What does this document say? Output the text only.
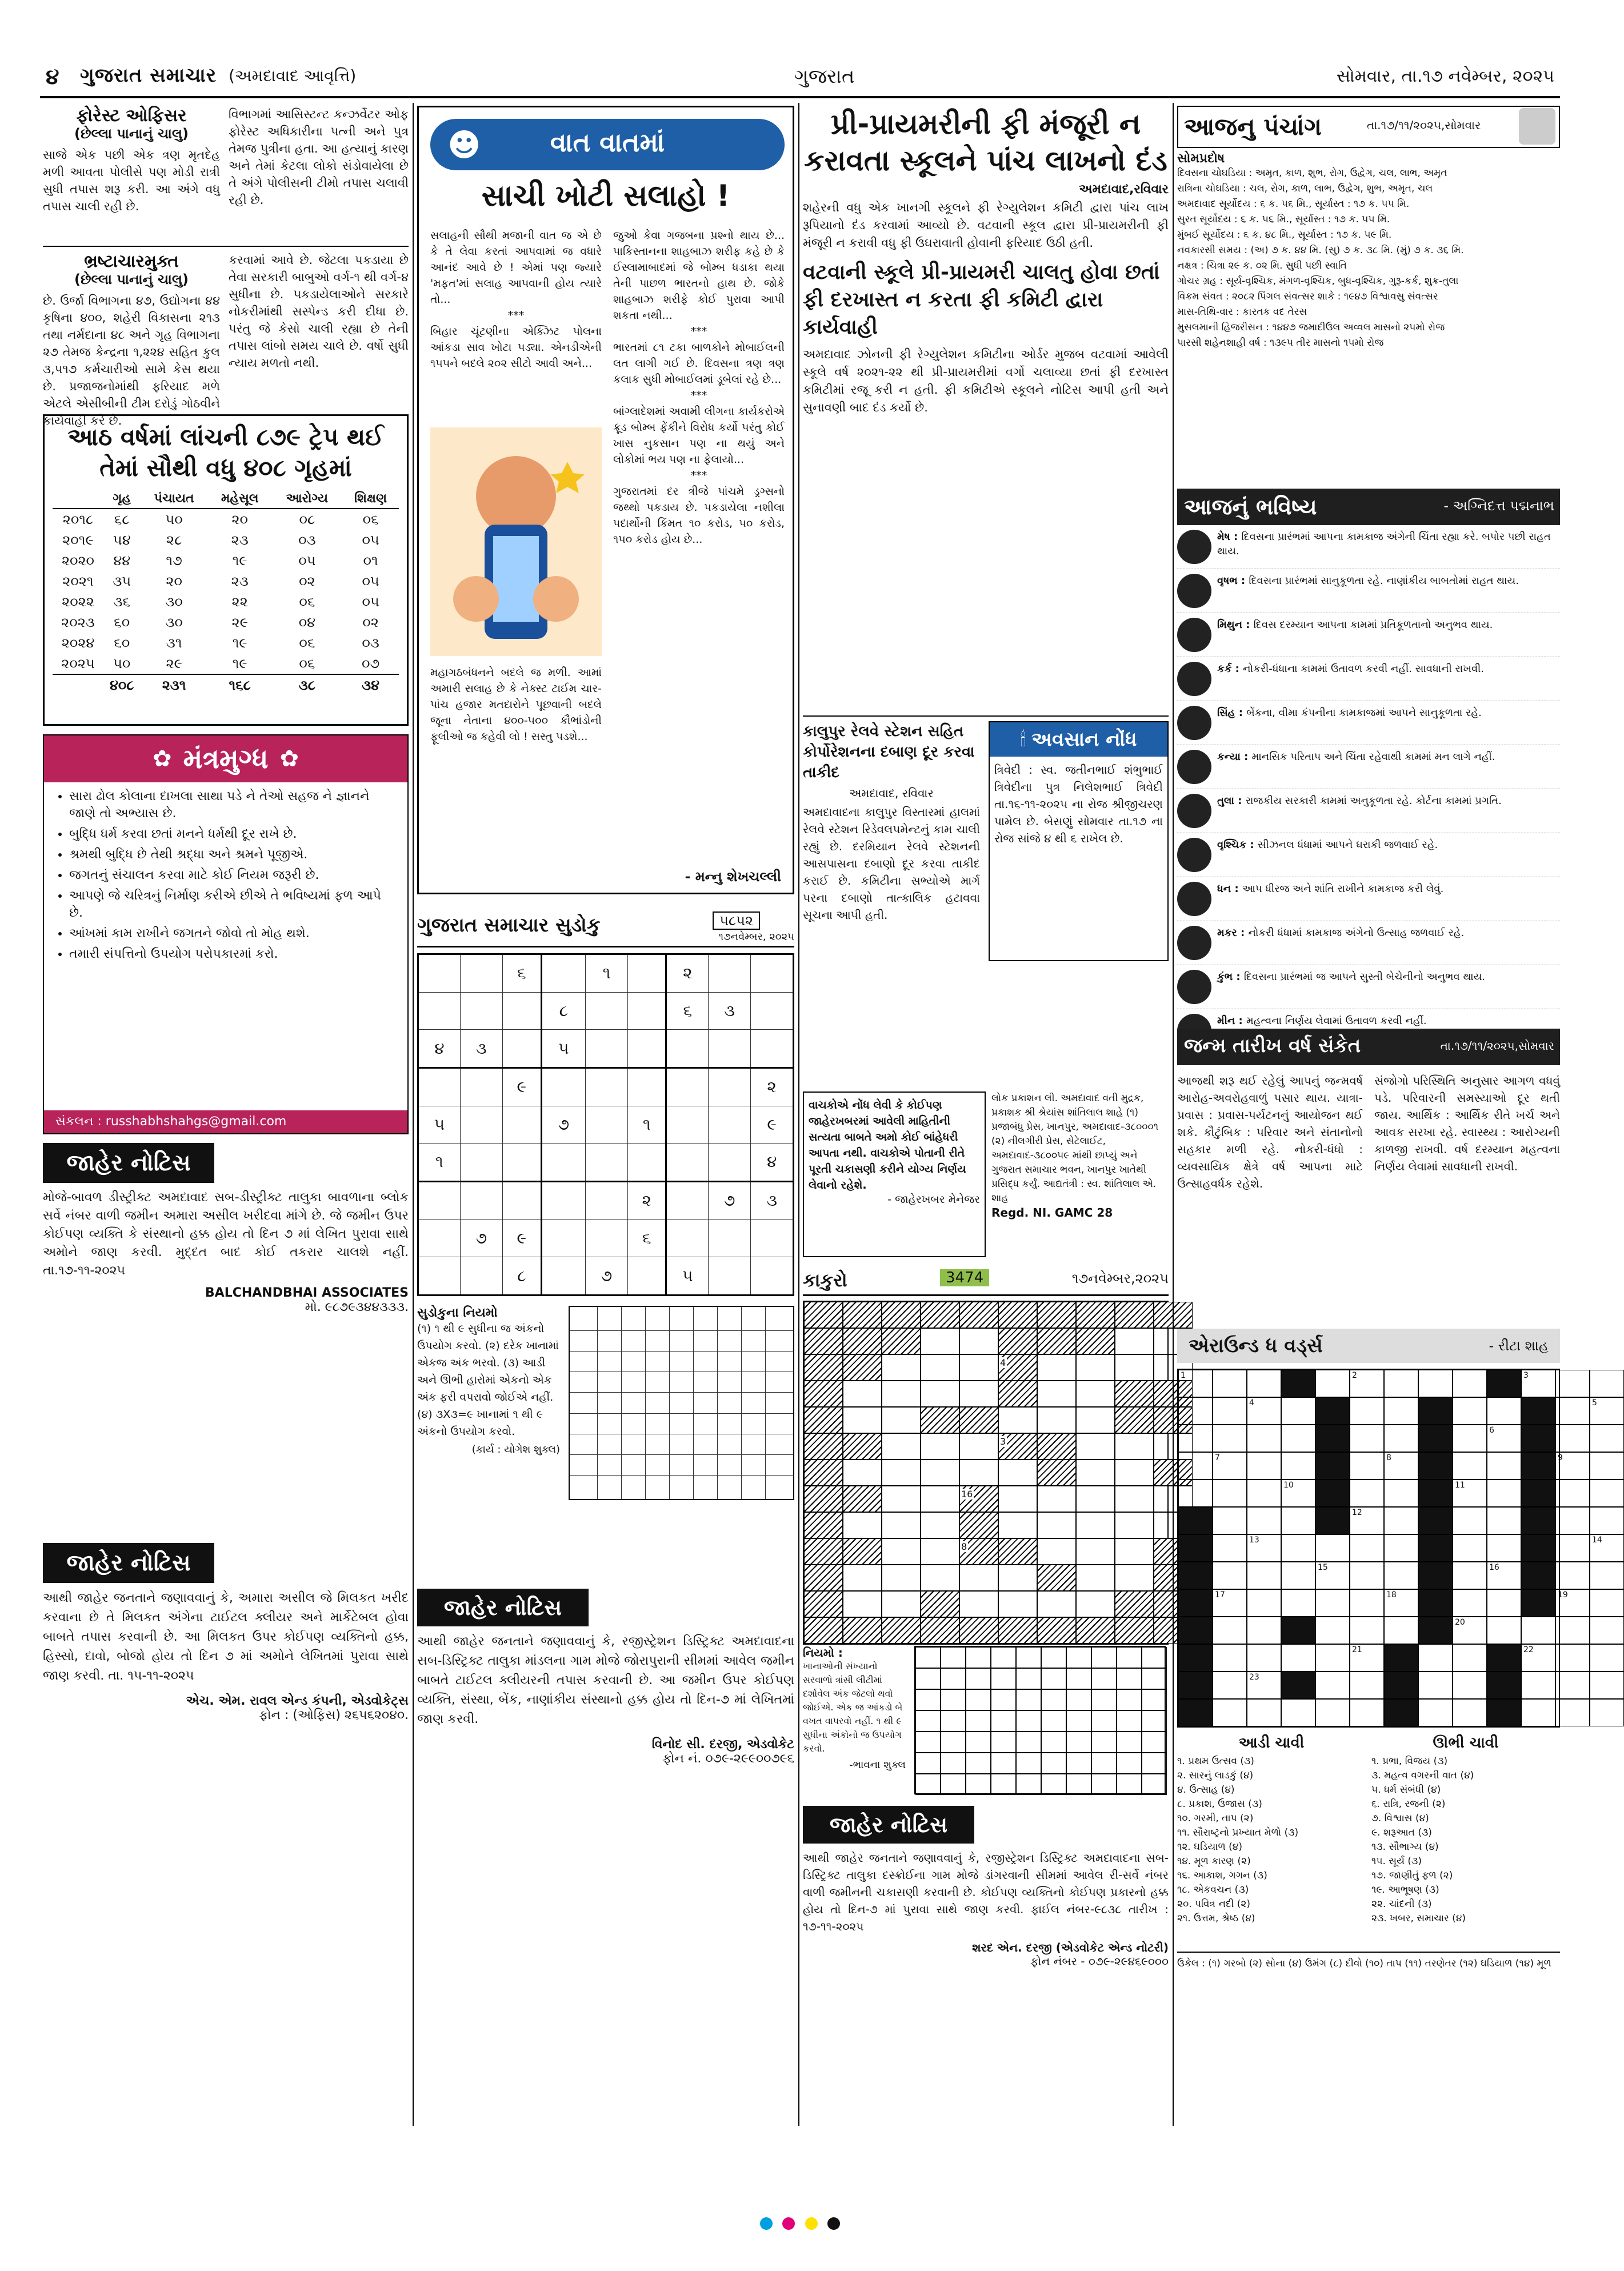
૪ ગુજરાત સમાચાર (અમદાવાદ આવૃત્તિ)	ગુજરાત	સોમવાર, તા.૧૭ નવેમ્બર, ૨૦૨૫
ફોરેસ્ટ ઓફિસર
(છેલ્લા પાનાનું ચાલુ)
સાજે એક પછી એક ત્રણ મૃતદેહ મળી આવતા પોલીસે પણ મોડી રાત્રી સુધી તપાસ શરૂ કરી. આ અંગે વધુ તપાસ ચાલી રહી છે.
વિભાગમાં આસિસ્ટન્ટ કન્ઝર્વેટર ઓફ ફોરેસ્ટ અધિકારીના પત્ની અને પુત્ર તેમજ પુત્રીના હતા. આ હત્યાનું કારણ અને તેમાં કેટલા લોકો સંડોવાયેલા છે તે અંગે પોલીસની ટીમો તપાસ ચલાવી રહી છે.
ભ્રષ્ટાચારમુક્ત
(છેલ્લા પાનાનું ચાલુ)
છે. ઉર્જા વિભાગના ૪૭, ઉદ્યોગના ૪૪ કૃષિના ૪૦૦, શહેરી વિકાસના ૨૧૩ તથા નર્મદાના ૪૮ અને ગૃહ વિભાગના ૨૭ તેમજ કેન્દ્રના ૧,૨૨૪ સહિત કુલ ૩,૫૧૭ કર્મચારીઓ સામે કેસ થયા છે. પ્રજાજનોમાંથી ફરિયાદ મળે એટલે એસીબીની ટીમ દરોડું ગોઠવીને કાર્યવાહી કરે છે.
કરવામાં આવે છે. જેટલા પકડાયા છે તેવા સરકારી બાબુઓ વર્ગ-૧ થી વર્ગ-૪ સુધીના છે. પકડાયેલાઓને સરકારે નોકરીમાંથી સસ્પેન્ડ કરી દીધા છે. પરંતુ જે કેસો ચાલી રહ્યા છે તેની તપાસ લાંબો સમય ચાલે છે. વર્ષો સુધી ન્યાય મળતો નથી.
આઠ વર્ષમાં લાંચની ૮૭૯ ટ્રેપ થઈ તેમાં સૌથી વધુ ૪૦૮ ગૃહમાં
	ગૃહ	પંચાયત	મહેસૂલ	આરોગ્ય	શિક્ષણ
૨૦૧૮	૬૮	૫૦	૨૦	૦૮	૦૬
૨૦૧૯	૫૪	૨૮	૨૩	૦૩	૦૫
૨૦૨૦	૪૪	૧૭	૧૯	૦૫	૦૧
૨૦૨૧	૩૫	૨૦	૨૩	૦૨	૦૫
૨૦૨૨	૩૬	૩૦	૨૨	૦૬	૦૫
૨૦૨૩	૬૦	૩૦	૨૯	૦૪	૦૨
૨૦૨૪	૬૦	૩૧	૧૯	૦૬	૦૩
૨૦૨૫	૫૦	૨૯	૧૯	૦૬	૦૭
	૪૦૮	૨૩૧	૧૬૮	૩૮	૩૪
✿ મંત્રમુગ્ધ ✿
• સારા ઢોલ કોલાના દાખલા સાથા પડે ને તેઓ સહજ ને જ્ઞાનને જાણે તો અભ્યાસ છે.
• બુદ્ધિ ધર્મ કરવા છતાં મનને ધર્મથી દૂર રાખે છે.
• શ્રમથી બુદ્ધિ છે તેથી શ્રદ્ધા અને શ્રમને પૂજીએ.
• જગતનું સંચાલન કરવા માટે કોઈ નિયમ જરૂરી છે.
• આપણે જે ચરિત્રનું નિર્માણ કરીએ છીએ તે ભવિષ્યમાં ફળ આપે છે.
• આંખમાં કામ રાખીને જગતને જોવો તો મોહ થશે.
• તમારી સંપત્તિનો ઉપયોગ પરોપકારમાં કરો.
સંકલન : russhabhshahgs@gmail.com
જાહેર નોટિસ
મોજે-બાવળ ડીસ્ટ્રીક્ટ અમદાવાદ સબ-ડીસ્ટ્રીક્ટ તાલુકા બાવળાના બ્લોક સર્વે નંબર વાળી જમીન અમારા અસીલ ખરીદવા માંગે છે. જે જમીન ઉપર કોઈપણ વ્યક્તિ કે સંસ્થાનો હક્ક હોય તો દિન ૭ માં લેખિત પુરાવા સાથે અમોને જાણ કરવી. મુદ્દત બાદ કોઈ તકરાર ચાલશે નહીં. તા.૧૭-૧૧-૨૦૨૫
BALCHANDBHAI ASSOCIATES
મો. ૯૮૭૯૩૪૪૩૩૩.
જાહેર નોટિસ
આથી જાહેર જનતાને જણાવવાનું કે, અમારા અસીલ જે મિલકત ખરીદ કરવાના છે તે મિલકત અંગેના ટાઈટલ ક્લીયર અને માર્કેટેબલ હોવા બાબતે તપાસ કરવાની છે. આ મિલકત ઉપર કોઈપણ વ્યક્તિનો હક્ક, હિસ્સો, દાવો, બોજો હોય તો દિન ૭ માં અમોને લેખિતમાં પુરાવા સાથે જાણ કરવી. તા. ૧૫-૧૧-૨૦૨૫
એચ. એમ. રાવલ એન્ડ કંપની, એડવોકેટ્સ
ફોન : (ઓફિસ) ૨૬૫૬૨૦૪૦.
☻	વાત વાતમાં
સાચી ખોટી સલાહો !
સલાહની સૌથી મજાની વાત જ એ છે કે તે લેવા કરતાં આપવામાં જ વધારે આનંદ આવે છે ! એમાં પણ જ્યારે 'મફત'માં સલાહ આપવાની હોય ત્યારે તો...
***
બિહાર ચૂંટણીના એક્ઝિટ પોલના આંકડા સાવ ખોટા પડ્યા. એનડીએની ૧૫૫ને બદલે ૨૦૨ સીટો આવી અને...
મહાગઠબંધનને બદલે જ મળી. આમાં અમારી સલાહ છે કે નેક્સ્ટ ટાઈમ ચાર-પાંચ હજાર મતદારોને પૂછવાની બદલે જૂના નેતાના ૪૦૦-૫૦૦ કૌભાંડોની ફૂલીઓ જ કહેવી લો ! સસ્તુ પડશે...
જુઓ કેવા ગજબના પ્રશ્નો થાય છે... પાકિસ્તાનના શાહબાઝ શરીફ કહે છે કે ઈસ્લામાબાદમાં જે બોમ્બ ધડાકા થયા તેની પાછળ ભારતનો હાથ છે. જોકે શાહબાઝ શરીફે કોઈ પુરાવા આપી શકતા નથી...
***
ભારતમાં ૮૧ ટકા બાળકોને મોબાઈલની લત લાગી ગઈ છે. દિવસના ત્રણ ત્રણ કલાક સુધી મોબાઈલમાં ડૂબેલાં રહે છે...
***
બાંગ્લાદેશમાં અવામી લીગના કાર્યકરોએ ક્રૂડ બોમ્બ ફેંકીને વિરોધ કર્યો પરંતુ કોઈ ખાસ નુકસાન પણ ના થયું અને લોકોમાં ભય પણ ના ફેલાયો...
***
ગુજરાતમાં દર ત્રીજે પાંચમે ડ્રગ્સનો જથ્થો પકડાય છે. પકડાયેલા નશીલા પદાર્થોની કિંમત ૧૦ કરોડ, ૫૦ કરોડ, ૧૫૦ કરોડ હોય છે...
- મન્નુ શેખચલ્લી
પ્રી-પ્રાયમરીની ફી મંજૂરી ન કરાવતા સ્કૂલને પાંચ લાખનો દંડ
અમદાવાદ,રવિવાર
શહેરની વધુ એક ખાનગી સ્કૂલને ફી રેગ્યુલેશન કમિટી દ્વારા પાંચ લાખ રૂપિયાનો દંડ કરવામાં આવ્યો છે. વટવાની સ્કૂલ દ્વારા પ્રી-પ્રાયમરીની ફી મંજૂરી ન કરાવી વધુ ફી ઉઘરાવાતી હોવાની ફરિયાદ ઉઠી હતી.
વટવાની સ્કૂલે પ્રી-પ્રાયમરી ચાલતુ હોવા છતાં ફી દરખાસ્ત ન કરતા ફી કમિટી દ્વારા કાર્યવાહી
અમદાવાદ ઝોનની ફી રેગ્યુલેશન કમિટીના ઓર્ડર મુજબ વટવામાં આવેલી સ્કૂલે વર્ષ ૨૦૨૧-૨૨ થી પ્રી-પ્રાયમરીમાં વર્ગો ચલાવ્યા છતાં ફી દરખાસ્ત કમિટીમાં રજૂ કરી ન હતી. ફી કમિટીએ સ્કૂલને નોટિસ આપી હતી અને સુનાવણી બાદ દંડ કર્યો છે.
કાલુપુર રેલવે સ્ટેશન સહિત કોર્પોરેશનના દબાણ દૂર કરવા તાકીદ
અમદાવાદ, રવિવાર
અમદાવાદના કાલુપુર વિસ્તારમાં હાલમાં રેલવે સ્ટેશન રિડેવલપમેન્ટનું કામ ચાલી રહ્યું છે. દરમિયાન રેલવે સ્ટેશનની આસપાસના દબાણો દૂર કરવા તાકીદ કરાઈ છે. કમિટીના સભ્યોએ માર્ગ પરના દબાણો તાત્કાલિક હટાવવા સૂચના આપી હતી.
🕯 અવસાન નોંધ
ત્રિવેદી : સ્વ. જતીનભાઈ શંભુભાઈ ત્રિવેદીના પુત્ર નિલેશભાઈ ત્રિવેદી તા.૧૬-૧૧-૨૦૨૫ ના રોજ શ્રીજીચરણ પામેલ છે. બેસણું સોમવાર તા.૧૭ ના રોજ સાંજે ૪ થી ૬ રાખેલ છે.
વાચકોએ નોંધ લેવી કે કોઈપણ જાહેરખબરમાં આવેલી માહિતીની સત્યતા બાબતે અમો કોઈ બાંહેધરી આપતા નથી. વાચકોએ પોતાની રીતે પૂરતી ચકાસણી કરીને યોગ્ય નિર્ણય લેવાનો રહેશે.
- જાહેરખબર મેનેજર
લોક પ્રકાશન લી. અમદાવાદ વતી મુદ્રક, પ્રકાશક શ્રી શ્રેયાંસ શાંતિલાલ શાહે (૧) પ્રજાબંધુ પ્રેસ, ખાનપુર, અમદાવાદ-૩૮૦૦૦૧ (૨) નીલગીરી પ્રેસ, સેટેલાઈટ, અમદાવાદ-૩૮૦૦૫૯ માંથી છાપ્યું અને ગુજરાત સમાચાર ભવન, ખાનપુર ખાતેથી પ્રસિદ્ધ કર્યું. આદ્યતંત્રી : સ્વ. શાંતિલાલ એ. શાહ
Regd. NI. GAMC 28
ગુજરાત સમાચાર સુડોકુ	૫૮૫૨
૧૭નવેમ્બર, ૨૦૨૫
		૬		૧		૨		
			૮			૬	૩	
૪	૩		૫					
		૯						૨
૫			૭		૧			૯
૧								૪
					૨		૭	૩
	૭	૯			૬			
		૮		૭		૫		
સુડોકુના નિયમો
(૧) ૧ થી ૯ સુધીના જ અંકનો ઉપયોગ કરવો. (૨) દરેક ખાનામાં એકજ અંક ભરવો. (૩) આડી અને ઊભી હારોમાં એકનો એક અંક ફરી વપરાવો જોઈએ નહીં. (૪) ૩X૩=૯ ખાનામાં ૧ થી ૯ અંકનો ઉપયોગ કરવો.
(કાર્ય : યોગેશ શુક્લ)

કાકુરો	3474	૧૭નવેમ્બર,૨૦૨૫
4
3
16
8
નિયમો :
ખાનાઓની સંખ્યાનો સરવાળો ત્રાંસી લીટીમાં દર્શાવેલ અંક જેટલો થવો જોઈએ. એક જ આંકડો બે વખત વાપરવો નહીં. ૧ થી ૯ સુધીના અંકોનો જ ઉપયોગ કરવો.
-ભાવના શુક્લ
જાહેર નોટિસ
આથી જાહેર જનતાને જણાવવાનું કે, રજીસ્ટ્રેશન ડિસ્ટ્રિક્ટ અમદાવાદના સબ-ડિસ્ટ્રિક્ટ તાલુકા માંડલના ગામ મોજે જોરાપુરાની સીમમાં આવેલ જમીન બાબતે ટાઈટલ ક્લીયરની તપાસ કરવાની છે. આ જમીન ઉપર કોઈપણ વ્યક્તિ, સંસ્થા, બેંક, નાણાંકીય સંસ્થાનો હક્ક હોય તો દિન-૭ માં લેખિતમાં જાણ કરવી.
વિનોદ સી. દરજી, એડવોકેટ
ફોન નં. ૦૭૯-૨૯૯૦૦૭૯૬
જાહેર નોટિસ
આથી જાહેર જનતાને જણાવવાનું કે, રજીસ્ટ્રેશન ડિસ્ટ્રિક્ટ અમદાવાદના સબ-ડિસ્ટ્રિક્ટ તાલુકા દસ્ક્રોઈના ગામ મોજે ડાંગરવાની સીમમાં આવેલ રી-સર્વે નંબર વાળી જમીનની ચકાસણી કરવાની છે. કોઈપણ વ્યક્તિનો કોઈપણ પ્રકારનો હક્ક હોય તો દિન-૭ માં પુરાવા સાથે જાણ કરવી. ફાઈલ નંબર-૯૮૩૮ તારીખ : ૧૭-૧૧-૨૦૨૫
શરદ એન. દરજી (એડવોકેટ એન્ડ નોટરી)
ફોન નંબર - ૦૭૯-૨૯૪૬૯૦૦૦
આજનુ પંચાંગ	તા.૧૭/૧૧/૨૦૨૫,સોમવાર
સોમપ્રદોષ
દિવસના ચોઘડિયા : અમૃત, કાળ, શુભ, રોગ, ઉદ્વેગ, ચલ, લાભ, અમૃત
રાત્રિના ચોઘડિયા : ચલ, રોગ, કાળ, લાભ, ઉદ્વેગ, શુભ, અમૃત, ચલ
અમદાવાદ સૂર્યોદય : ૬ ક. ૫૬ મિ., સૂર્યાસ્ત : ૧૭ ક. ૫૫ મિ.
સુરત સૂર્યોદય : ૬ ક. ૫૬ મિ., સૂર્યાસ્ત : ૧૭ ક. ૫૫ મિ.
મુંબઈ સૂર્યોદય : ૬ ક. ૪૮ મિ., સૂર્યાસ્ત : ૧૭ ક. ૫૯ મિ.
નવકારસી સમય : (અ) ૭ ક. ૪૪ મિ. (સુ) ૭ ક. ૩૮ મિ. (મું) ૭ ક. ૩૬ મિ.
નક્ષત્ર : ચિત્રા ૨૯ ક. ૦૨ મિ. સુધી પછી સ્વાતિ
ગોચર ગ્રહ : સૂર્ય-વૃશ્ચિક, મંગળ-વૃશ્ચિક, બુધ-વૃશ્ચિક, ગુરૂ-કર્ક, શુક્ર-તુલા
વિક્રમ સંવત : ૨૦૮૨ પિંગલ સંવત્સર શાકે : ૧૯૪૭ વિશ્વાવસુ સંવત્સર
માસ-તિથિ-વાર : કારતક વદ તેરસ
મુસલમાની હિજરીસન : ૧૪૪૭ જમાદીઉલ અવ્વલ માસનો ૨૫મો રોજ
પારસી શહેનશાહી વર્ષ : ૧૩૯૫ તીર માસનો ૧૫મો રોજ
આજનું ભવિષ્ય	- અગ્નિદત્ત પદ્મનાભ
મેષ : દિવસના પ્રારંભમાં આપના કામકાજ અંગેની ચિંતા રહ્યા કરે. બપોર પછી રાહત થાય.
વૃષભ : દિવસના પ્રારંભમાં સાનુકૂળતા રહે. નાણાંકીય બાબતોમાં રાહત થાય.
મિથુન : દિવસ દરમ્યાન આપના કામમાં પ્રતિકૂળતાનો અનુભવ થાય.
કર્ક : નોકરી-ધંધાના કામમાં ઉતાવળ કરવી નહીં. સાવધાની રાખવી.
સિંહ : બેંકના, વીમા કંપનીના કામકાજમાં આપને સાનુકૂળતા રહે.
કન્યા : માનસિક પરિતાપ અને ચિંતા રહેવાથી કામમાં મન લાગે નહીં.
તુલા : રાજકીય સરકારી કામમાં અનુકૂળતા રહે. કોર્ટના કામમાં પ્રગતિ.
વૃશ્ચિક : સીઝનલ ધંધામાં આપને ઘરાકી જળવાઈ રહે.
ધન : આપ ધીરજ અને શાંતિ રાખીને કામકાજ કરી લેવું.
મકર : નોકરી ધંધામાં કામકાજ અંગેનો ઉત્સાહ જળવાઈ રહે.
કુંભ : દિવસના પ્રારંભમાં જ આપને સુસ્તી બેચેનીનો અનુભવ થાય.
મીન : મહત્વના નિર્ણય લેવામાં ઉતાવળ કરવી નહીં.
જન્મ તારીખ વર્ષ સંકેત	તા.૧૭/૧૧/૨૦૨૫,સોમવાર
આજથી શરૂ થઈ રહેલું આપનું જન્મવર્ષ આરોહ-અવરોહવાળું પસાર થાય. યાત્રા-પ્રવાસ : પ્રવાસ-પર્યટનનું આયોજન થઈ શકે. કૌટુંબિક : પરિવાર અને સંતાનોનો સહકાર મળી રહે. નોકરી-ધંધો : વ્યવસાયિક ક્ષેત્રે વર્ષ આપના માટે ઉત્સાહવર્ધક રહેશે.
સંજોગો પરિસ્થિતિ અનુસાર આગળ વધવું પડે. પરિવારની સમસ્યાઓ દૂર થતી જાય. આર્થિક : આર્થિક રીતે ખર્ચ અને આવક સરખા રહે. સ્વાસ્થ્ય : આરોગ્યની કાળજી રાખવી. વર્ષ દરમ્યાન મહત્વના નિર્ણય લેવામાં સાવધાની રાખવી.
એરાઉન્ડ ધ વર્ડ્સ	- રીટા શાહ
1	2	3
4	5
6
7	8	9
10	11
12
13	14
15	16
17	18	19
20
21	22
23
આડી ચાવી
૧. પ્રથમ ઉત્સવ (૩)
૨. સારનું લાડકું (૪)
૪. ઉત્સાહ (૪)
૮. પ્રકાશ, ઉજાસ (૩)
૧૦. ગરમી, તાપ (૨)
૧૧. સૌરાષ્ટ્રનો પ્રખ્યાત મેળો (૩)
૧૨. ઘડિયાળ (૪)
૧૪. મૂળ કારણ (૨)
૧૬. આકાશ, ગગન (૩)
૧૮. એકવચન (૩)
૨૦. પવિત્ર નદી (૨)
૨૧. ઉત્તમ, શ્રેષ્ઠ (૪)
ઊભી ચાવી
૧. પ્રભા, વિજય (૩)
૩. મહત્વ વગરની વાત (૪)
૫. ધર્મ સંબંધી (૪)
૬. રાત્રિ, રજની (૨)
૭. વિશ્વાસ (૪)
૯. શરૂઆત (૩)
૧૩. સૌભાગ્ય (૪)
૧૫. સૂર્ય (૩)
૧૭. જાણીતું ફળ (૨)
૧૯. આભૂષણ (૩)
૨૨. ચાંદની (૩)
૨૩. ખબર, સમાચાર (૪)
ઉકેલ : (૧) ગરબો (૨) સોના (૪) ઉમંગ (૮) દીવો (૧૦) તાપ (૧૧) તરણેતર (૧૨) ઘડિયાળ (૧૪) મૂળ
